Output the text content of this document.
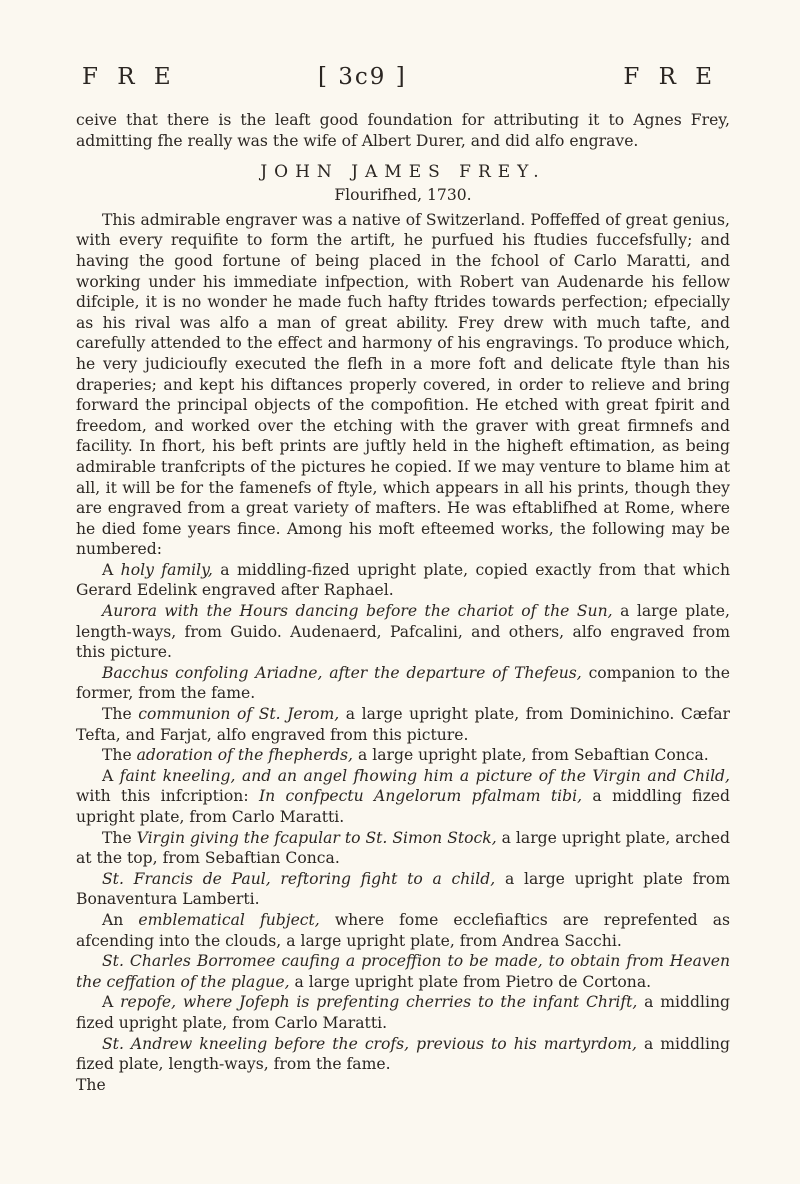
F R E	[ 3c9 ]	F R E

ceive that there is the leaft good foundation for attributing it to Agnes Frey, admitting fhe really was the wife of Albert Durer, and did alfo engrave.

JOHN JAMES FREY.
Flourifhed, 1730.

This admirable engraver was a native of Switzerland. Poffeffed of great genius, with every requifite to form the artift, he purfued his ftudies fuccefsfully; and having the good fortune of being placed in the fchool of Carlo Maratti, and working under his immediate infpection, with Robert van Audenarde his fellow difciple, it is no wonder he made fuch hafty ftrides towards perfection; efpecially as his rival was alfo a man of great ability. Frey drew with much tafte, and carefully attended to the effect and harmony of his engravings. To produce which, he very judicioufly executed the flefh in a more foft and delicate ftyle than his draperies; and kept his diftances properly covered, in order to relieve and bring forward the principal objects of the compofition. He etched with great fpirit and freedom, and worked over the etching with the graver with great firmnefs and facility. In fhort, his beft prints are juftly held in the higheft eftimation, as being admirable tranfcripts of the pictures he copied. If we may venture to blame him at all, it will be for the famenefs of ftyle, which appears in all his prints, though they are engraved from a great variety of mafters. He was eftablifhed at Rome, where he died fome years fince. Among his moft efteemed works, the following may be numbered:

A holy family, a middling-fized upright plate, copied exactly from that which Gerard Edelink engraved after Raphael.

Aurora with the Hours dancing before the chariot of the Sun, a large plate, length-ways, from Guido. Audenaerd, Pafcalini, and others, alfo engraved from this picture.

Bacchus confoling Ariadne, after the departure of Thefeus, companion to the former, from the fame.

The communion of St. Jerom, a large upright plate, from Dominichino. Cæfar Tefta, and Farjat, alfo engraved from this picture.

The adoration of the fhepherds, a large upright plate, from Sebaftian Conca.

A faint kneeling, and an angel fhowing him a picture of the Virgin and Child, with this infcription: In confpectu Angelorum pfalmam tibi, a middling fized upright plate, from Carlo Maratti.

The Virgin giving the fcapular to St. Simon Stock, a large upright plate, arched at the top, from Sebaftian Conca.

St. Francis de Paul, reftoring fight to a child, a large upright plate from Bonaventura Lamberti.

An emblematical fubject, where fome ecclefiaftics are reprefented as afcending into the clouds, a large upright plate, from Andrea Sacchi.

St. Charles Borromee caufing a proceffion to be made, to obtain from Heaven the ceffation of the plague, a large upright plate from Pietro de Cortona.

A repofe, where Jofeph is prefenting cherries to the infant Chrift, a middling fized upright plate, from Carlo Maratti.

St. Andrew kneeling before the crofs, previous to his martyrdom, a middling fized plate, length-ways, from the fame.

The
